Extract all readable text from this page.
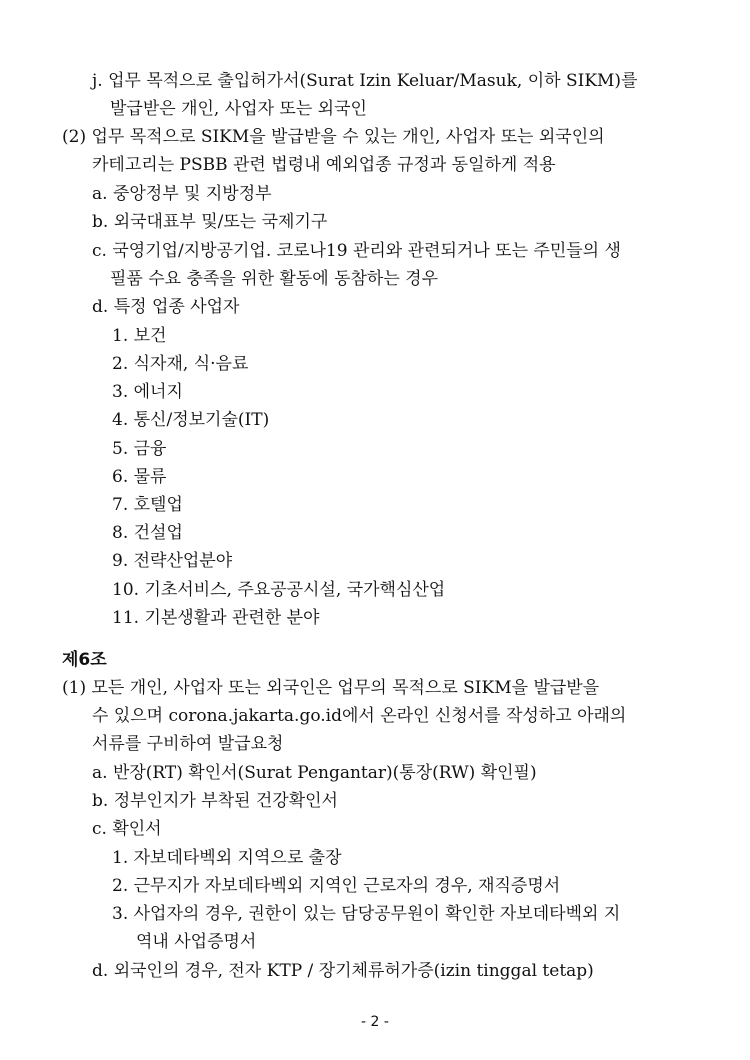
j. 업무 목적으로 출입허가서(Surat Izin Keluar/Masuk, 이하 SIKM)를
발급받은 개인, 사업자 또는 외국인
(2) 업무 목적으로 SIKM을 발급받을 수 있는 개인, 사업자 또는 외국인의
카테고리는 PSBB 관련 법령내 예외업종 규정과 동일하게 적용
a. 중앙정부 및 지방정부
b. 외국대표부 및/또는 국제기구
c. 국영기업/지방공기업. 코로나19 관리와 관련되거나 또는 주민들의 생
필품 수요 충족을 위한 활동에 동참하는 경우
d. 특정 업종 사업자
1. 보건
2. 식자재, 식·음료
3. 에너지
4. 통신/정보기술(IT)
5. 금융
6. 물류
7. 호텔업
8. 건설업
9. 전략산업분야
10. 기초서비스, 주요공공시설, 국가핵심산업
11. 기본생활과 관련한 분야
제6조
(1) 모든 개인, 사업자 또는 외국인은 업무의 목적으로 SIKM을 발급받을
수 있으며 corona.jakarta.go.id에서 온라인 신청서를 작성하고 아래의
서류를 구비하여 발급요청
a. 반장(RT) 확인서(Surat Pengantar)(통장(RW) 확인필)
b. 정부인지가 부착된 건강확인서
c. 확인서
1. 자보데타벡외 지역으로 출장
2. 근무지가 자보데타벡외 지역인 근로자의 경우, 재직증명서
3. 사업자의 경우, 권한이 있는 담당공무원이 확인한 자보데타벡외 지
역내 사업증명서
d. 외국인의 경우, 전자 KTP / 장기체류허가증(izin tinggal tetap)
- 2 -
